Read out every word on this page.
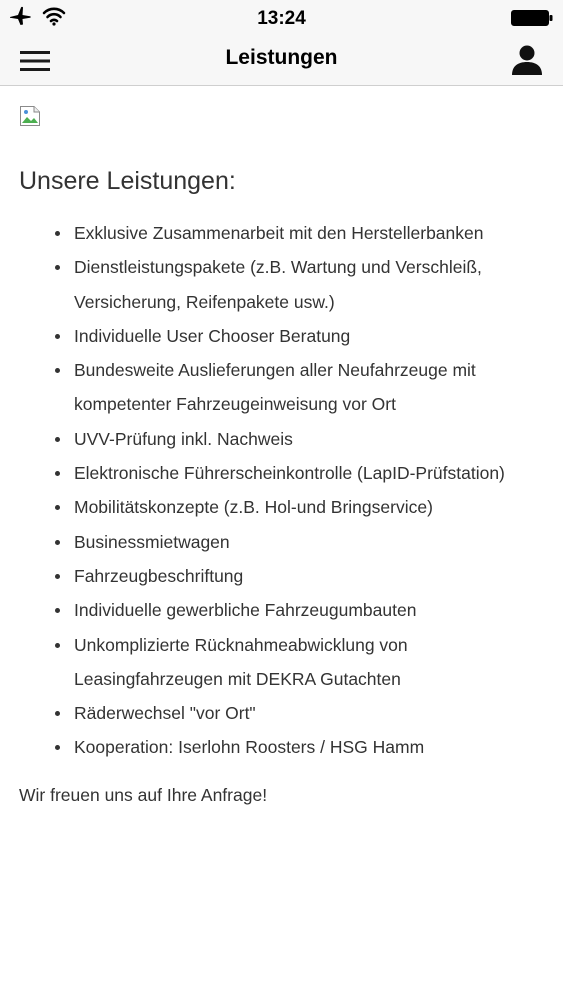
13:24
Leistungen
Unsere Leistungen:
Exklusive Zusammenarbeit mit den Herstellerbanken
Dienstleistungspakete (z.B. Wartung und Verschleiß, Versicherung, Reifenpakete usw.)
Individuelle User Chooser Beratung
Bundesweite Auslieferungen aller Neufahrzeuge mit kompetenter Fahrzeugeinweisung vor Ort
UVV-Prüfung inkl. Nachweis
Elektronische Führerscheinkontrolle (LapID-Prüfstation)
Mobilitätskonzepte (z.B. Hol-und Bringservice)
Businessmietwagen
Fahrzeugbeschriftung
Individuelle gewerbliche Fahrzeugumbauten
Unkomplizierte Rücknahmeabwicklung von Leasingfahrzeugen mit DEKRA Gutachten
Räderwechsel "vor Ort"
Kooperation: Iserlohn Roosters / HSG Hamm

Wir freuen uns auf Ihre Anfrage!
